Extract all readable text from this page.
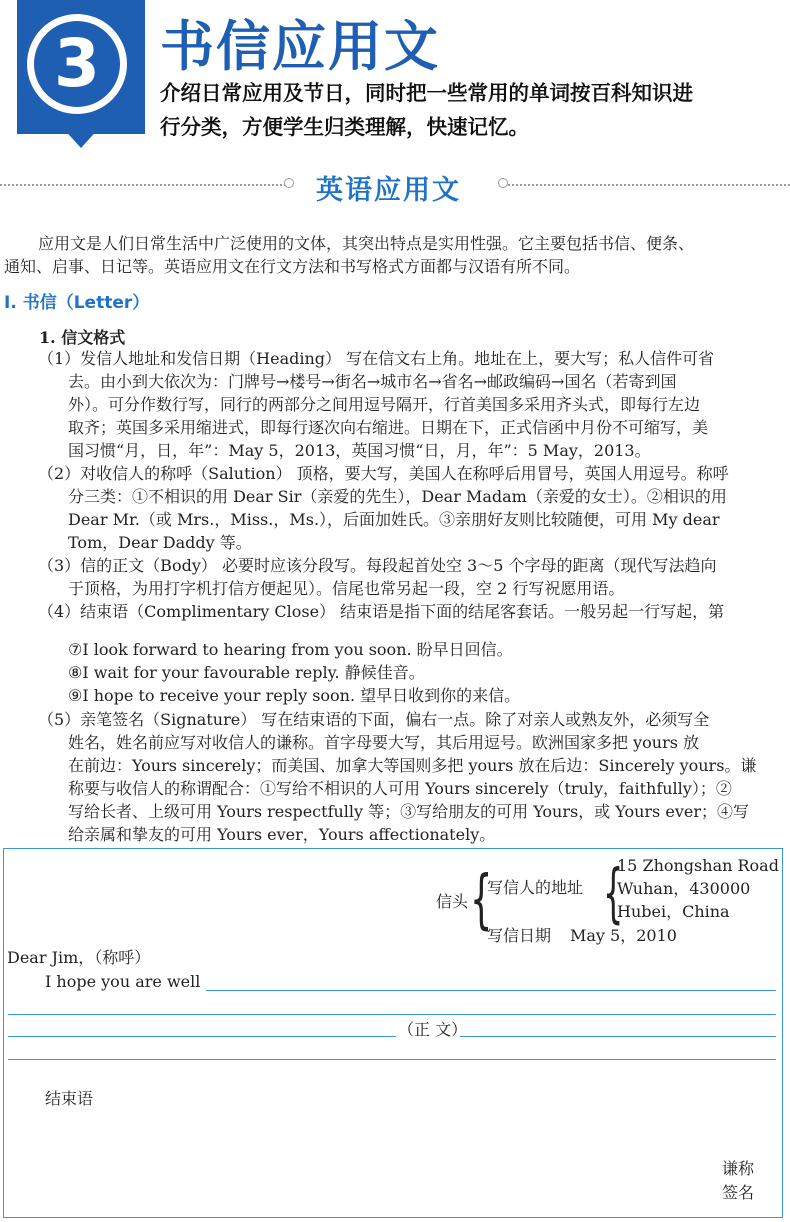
3	书信应用文
介绍日常应用及节日，同时把一些常用的单词按百科知识进
行分类，方便学生归类理解，快速记忆。
英语应用文
应用文是人们日常生活中广泛使用的文体，其突出特点是实用性强。它主要包括书信、便条、
通知、启事、日记等。英语应用文在行文方法和书写格式方面都与汉语有所不同。
Ⅰ. 书信（Letter）
1. 信文格式
（1）发信人地址和发信日期（Heading） 写在信文右上角。地址在上，要大写；私人信件可省
去。由小到大依次为：门牌号→楼号→街名→城市名→省名→邮政编码→国名（若寄到国
外）。可分作数行写，同行的两部分之间用逗号隔开，行首美国多采用齐头式，即每行左边
取齐；英国多采用缩进式，即每行逐次向右缩进。日期在下，正式信函中月份不可缩写，美
国习惯“月，日，年”：May 5，2013，英国习惯“日，月，年”：5 May，2013。
（2）对收信人的称呼（Salution） 顶格，要大写，美国人在称呼后用冒号，英国人用逗号。称呼
分三类：①不相识的用 Dear Sir（亲爱的先生），Dear Madam（亲爱的女士）。②相识的用
Dear Mr.（或 Mrs.，Miss.，Ms.），后面加姓氏。③亲朋好友则比较随便，可用 My dear
Tom，Dear Daddy 等。
（3）信的正文（Body） 必要时应该分段写。每段起首处空 3～5 个字母的距离（现代写法趋向
于顶格，为用打字机打信方便起见）。信尾也常另起一段，空 2 行写祝愿用语。
（4）结束语（Complimentary Close） 结束语是指下面的结尾客套话。一般另起一行写起，第
⑦I look forward to hearing from you soon. 盼早日回信。
⑧I wait for your favourable reply. 静候佳音。
⑨I hope to receive your reply soon. 望早日收到你的来信。
（5）亲笔签名（Signature） 写在结束语的下面，偏右一点。除了对亲人或熟友外，必须写全
姓名，姓名前应写对收信人的谦称。首字母要大写，其后用逗号。欧洲国家多把 yours 放
在前边：Yours sincerely；而美国、加拿大等国则多把 yours 放在后边：Sincerely yours。谦
称要与收信人的称谓配合：①写给不相识的人可用 Yours sincerely（truly，faithfully）；②
写给长者、上级可用 Yours respectfully 等；③写给朋友的可用 Yours，或 Yours ever；④写
给亲属和挚友的可用 Yours ever，Yours affectionately。
信头 {
写信人的地址 {
15 Zhongshan Road
Wuhan，430000
Hubei，China
写信日期 May 5，2010
Dear Jim，（称呼）
I hope you are well
（正 文）
结束语
谦称
签名
